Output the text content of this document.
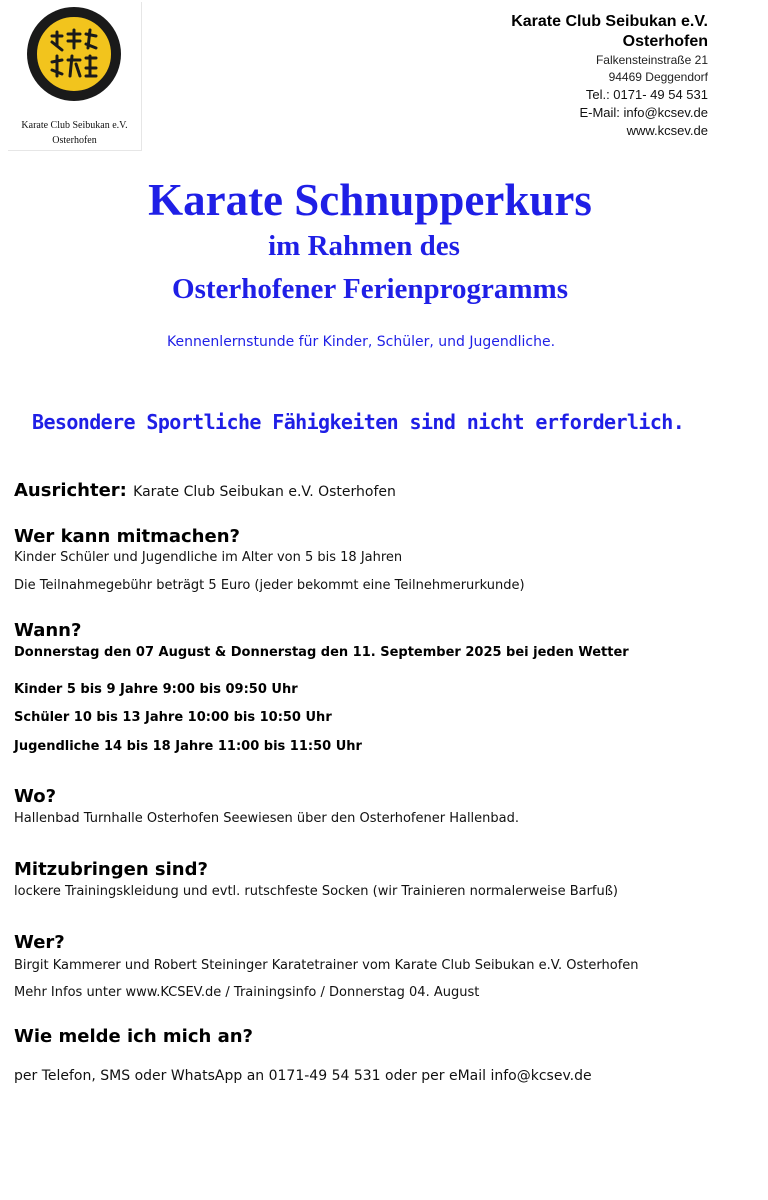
Karate Club Seibukan e.V.
Osterhofen
Karate Club Seibukan e.V.
Osterhofen
Falkensteinstraße 21
94469 Deggendorf
Tel.: 0171- 49 54 531
E-Mail: info@kcsev.de
www.kcsev.de
Karate Schnupperkurs
im Rahmen des
Osterhofener Ferienprogramms
Kennenlernstunde für Kinder, Schüler, und Jugendliche.
Besondere Sportliche Fähigkeiten sind nicht erforderlich.
Ausrichter: Karate Club Seibukan e.V. Osterhofen
Wer kann mitmachen?
Kinder Schüler und Jugendliche im Alter von 5 bis 18 Jahren
Die Teilnahmegebühr beträgt 5 Euro (jeder bekommt eine Teilnehmerurkunde)
Wann?
Donnerstag den 07 August & Donnerstag den 11. September 2025 bei jeden Wetter
Kinder 5 bis 9 Jahre 9:00 bis 09:50 Uhr
Schüler 10 bis 13 Jahre 10:00 bis 10:50 Uhr
Jugendliche 14 bis 18 Jahre 11:00 bis 11:50 Uhr
Wo?
Hallenbad Turnhalle Osterhofen Seewiesen über den Osterhofener Hallenbad.
Mitzubringen sind?
lockere Trainingskleidung und evtl. rutschfeste Socken (wir Trainieren normalerweise Barfuß)
Wer?
Birgit Kammerer und Robert Steininger Karatetrainer vom Karate Club Seibukan e.V. Osterhofen
Mehr Infos unter www.KCSEV.de / Trainingsinfo / Donnerstag 04. August
Wie melde ich mich an?
per Telefon, SMS oder WhatsApp an 0171-49 54 531 oder per eMail info@kcsev.de
